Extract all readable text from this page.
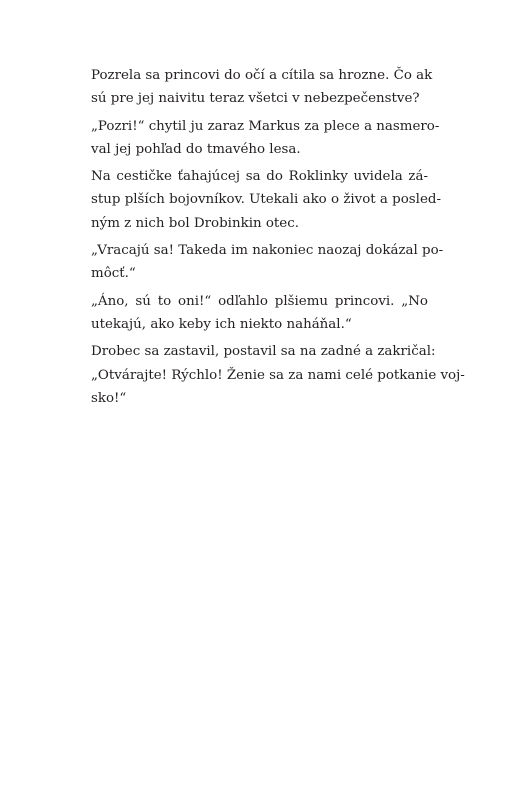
Pozrela sa princovi do očí a cítila sa hrozne. Čo ak
sú pre jej naivitu teraz všetci v nebezpečenstve?
„Pozri!“ chytil ju zaraz Markus za plece a nasmero-
val jej pohľad do tmavého lesa.
Na cestičke ťahajúcej sa do Roklinky uvidela zá-
stup plších bojovníkov. Utekali ako o život a posled-
ným z nich bol Drobinkin otec.
„Vracajú sa! Takeda im nakoniec naozaj dokázal po-
môcť.“
„Áno, sú to oni!“ odľahlo plšiemu princovi. „No
utekajú, ako keby ich niekto naháňal.“
Drobec sa zastavil, postavil sa na zadné a zakričal:
„Otvárajte! Rýchlo! Ženie sa za nami celé potkanie voj-
sko!“
